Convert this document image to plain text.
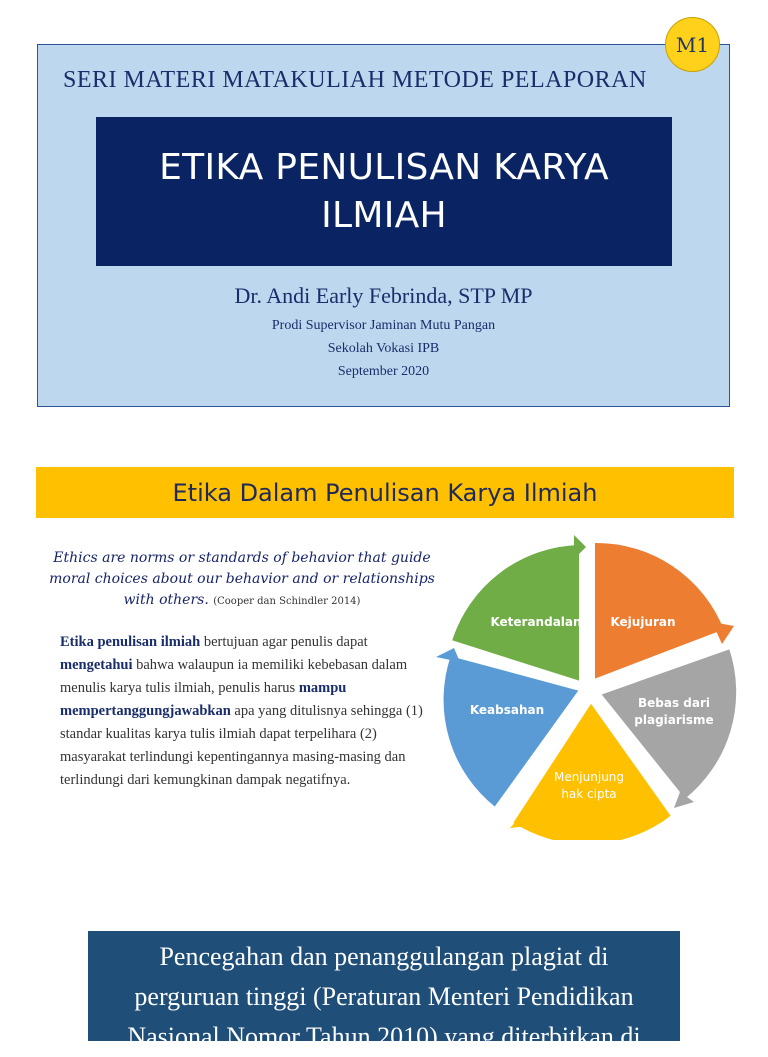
SERI MATERI MATAKULIAH METODE PELAPORAN
ETIKA PENULISAN KARYA
ILMIAH
Dr. Andi Early Febrinda, STP MP
Prodi Supervisor Jaminan Mutu Pangan
Sekolah Vokasi IPB
September 2020
M1
Etika Dalam Penulisan Karya Ilmiah
Ethics are norms or standards of behavior that guide moral choices about our behavior and or relationships with others. (Cooper dan Schindler 2014)
Etika penulisan ilmiah bertujuan agar penulis dapat mengetahui bahwa walaupun ia memiliki kebebasan dalam menulis karya tulis ilmiah, penulis harus mampu mempertanggungjawabkan apa yang ditulisnya sehingga (1) standar kualitas karya tulis ilmiah dapat terpelihara (2) masyarakat terlindungi kepentingannya masing-masing dan terlindungi dari kemungkinan dampak negatifnya.
Keterandalan Kejujuran
Bebas dari
plagiarisme
Menjunjung
hak cipta
Keabsahan
Pencegahan dan penanggulangan plagiat di
perguruan tinggi (Peraturan Menteri Pendidikan
Nasional Nomor Tahun 2010) yang diterbitkan di
